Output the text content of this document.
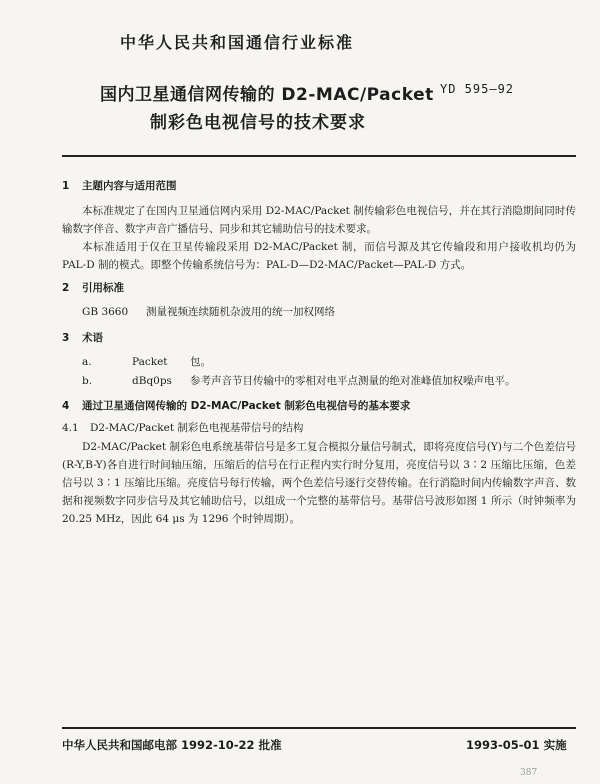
中华人民共和国通信行业标准
国内卫星通信网传输的 D2-MAC/Packet
制彩色电视信号的技术要求
YD 595—92
1 主题内容与适用范围
本标准规定了在国内卫星通信网内采用 D2-MAC/Packet 制传输彩色电视信号，并在其行消隐期间同时传输数字伴音、数字声音广播信号、同步和其它辅助信号的技术要求。
本标准适用于仅在卫星传输段采用 D2-MAC/Packet 制，而信号源及其它传输段和用户接收机均仍为 PAL-D 制的模式。即整个传输系统信号为：PAL-D—D2-MAC/Packet—PAL-D 方式。
2 引用标准
GB 3660 测量视频连续随机杂波用的统一加权网络
3 术语
a.	Packet 包。
b.	dBq0ps 参考声音节目传输中的零相对电平点测量的绝对准峰值加权噪声电平。
4 通过卫星通信网传输的 D2-MAC/Packet 制彩色电视信号的基本要求
4.1 D2-MAC/Packet 制彩色电视基带信号的结构
D2-MAC/Packet 制彩色电系统基带信号是多工复合模拟分量信号制式，即将亮度信号(Y)与二个色差信号(R-Y,B-Y)各自进行时间轴压缩，压缩后的信号在行正程内实行时分复用，亮度信号以 3∶2 压缩比压缩，色差信号以 3∶1 压缩比压缩。亮度信号每行传输，两个色差信号逐行交替传输。在行消隐时间内传输数字声音、数据和视频数字同步信号及其它辅助信号，以组成一个完整的基带信号。基带信号波形如图 1 所示（时钟频率为 20.25 MHz，因此 64 μs 为 1296 个时钟周期）。
中华人民共和国邮电部 1992-10-22 批准	1993-05-01 实施
387
